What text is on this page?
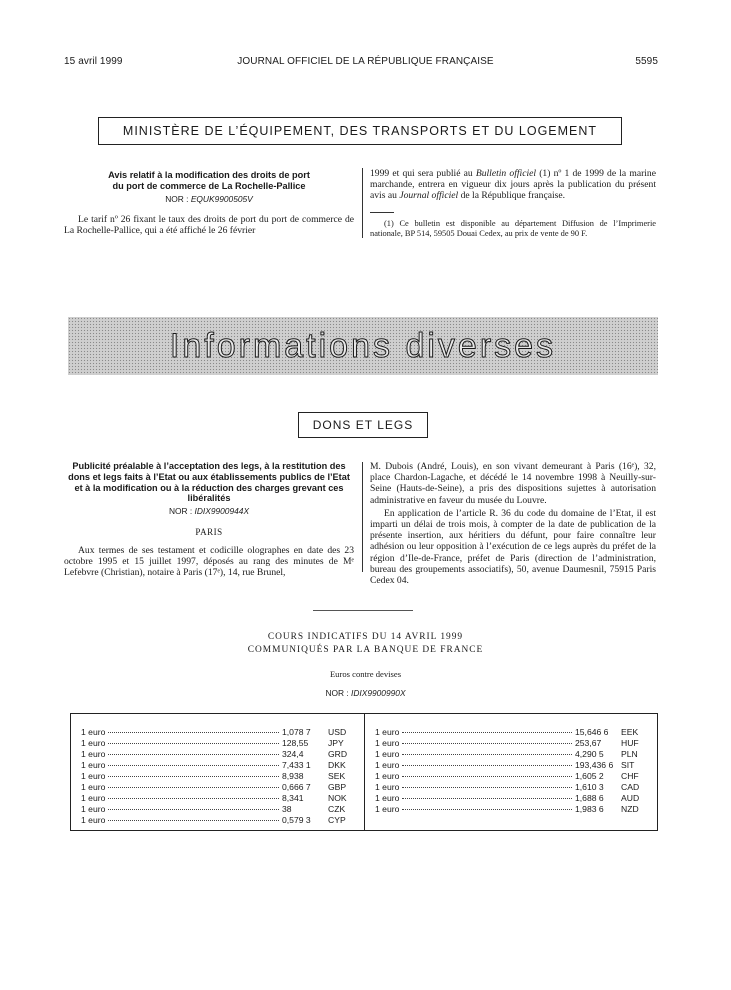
15 avril 1999	JOURNAL OFFICIEL DE LA RÉPUBLIQUE FRANÇAISE	5595
MINISTÈRE DE L’ÉQUIPEMENT, DES TRANSPORTS ET DU LOGEMENT
Avis relatif à la modification des droits de port
du port de commerce de La Rochelle-Pallice
NOR : EQUK9900505V

Le tarif nº 26 fixant le taux des droits de port du port de commerce de La Rochelle-Pallice, qui a été affiché le 26 février

1999 et qui sera publié au Bulletin officiel (1) nº 1 de 1999 de la marine marchande, entrera en vigueur dix jours après la publication du présent avis au Journal officiel de la République française.

(1) Ce bulletin est disponible au département Diffusion de l’Imprimerie nationale, BP 514, 59505 Douai Cedex, au prix de vente de 90 F.

Informations diverses
DONS ET LEGS
Publicité préalable à l’acceptation des legs, à la restitution des dons et legs faits à l’Etat ou aux établissements publics de l’Etat et à la modification ou à la réduction des charges grevant ces libéralités
NOR : IDIX9900944X
PARIS

Aux termes de ses testament et codicille olographes en date des 23 octobre 1995 et 15 juillet 1997, déposés au rang des minutes de Mᵉ Lefebvre (Christian), notaire à Paris (17ᵉ), 14, rue Brunel,

M. Dubois (André, Louis), en son vivant demeurant à Paris (16ᵉ), 32, place Chardon-Lagache, et décédé le 14 novembre 1998 à Neuilly-sur-Seine (Hauts-de-Seine), a pris des dispositions sujettes à autorisation administrative en faveur du musée du Louvre.

En application de l’article R. 36 du code du domaine de l’Etat, il est imparti un délai de trois mois, à compter de la date de publication de la présente insertion, aux héritiers du défunt, pour faire connaître leur adhésion ou leur opposition à l’exécution de ce legs auprès du préfet de la région d’Ile-de-France, préfet de Paris (direction de l’administration, bureau des groupements associatifs), 50, avenue Daumesnil, 75915 Paris Cedex 04.

COURS INDICATIFS DU 14 AVRIL 1999
COMMUNIQUÉS PAR LA BANQUE DE FRANCE
Euros contre devises
NOR : IDIX9900990X
1 euro	1,078 7	USD
1 euro	128,55	JPY
1 euro	324,4	GRD
1 euro	7,433 1	DKK
1 euro	8,938	SEK
1 euro	0,666 7	GBP
1 euro	8,341	NOK
1 euro	38	CZK
1 euro	0,579 3	CYP
1 euro	15,646 6	EEK
1 euro	253,67	HUF
1 euro	4,290 5	PLN
1 euro	193,436 6 SIT
1 euro	1,605 2	CHF
1 euro	1,610 3	CAD
1 euro	1,688 6	AUD
1 euro	1,983 6	NZD
